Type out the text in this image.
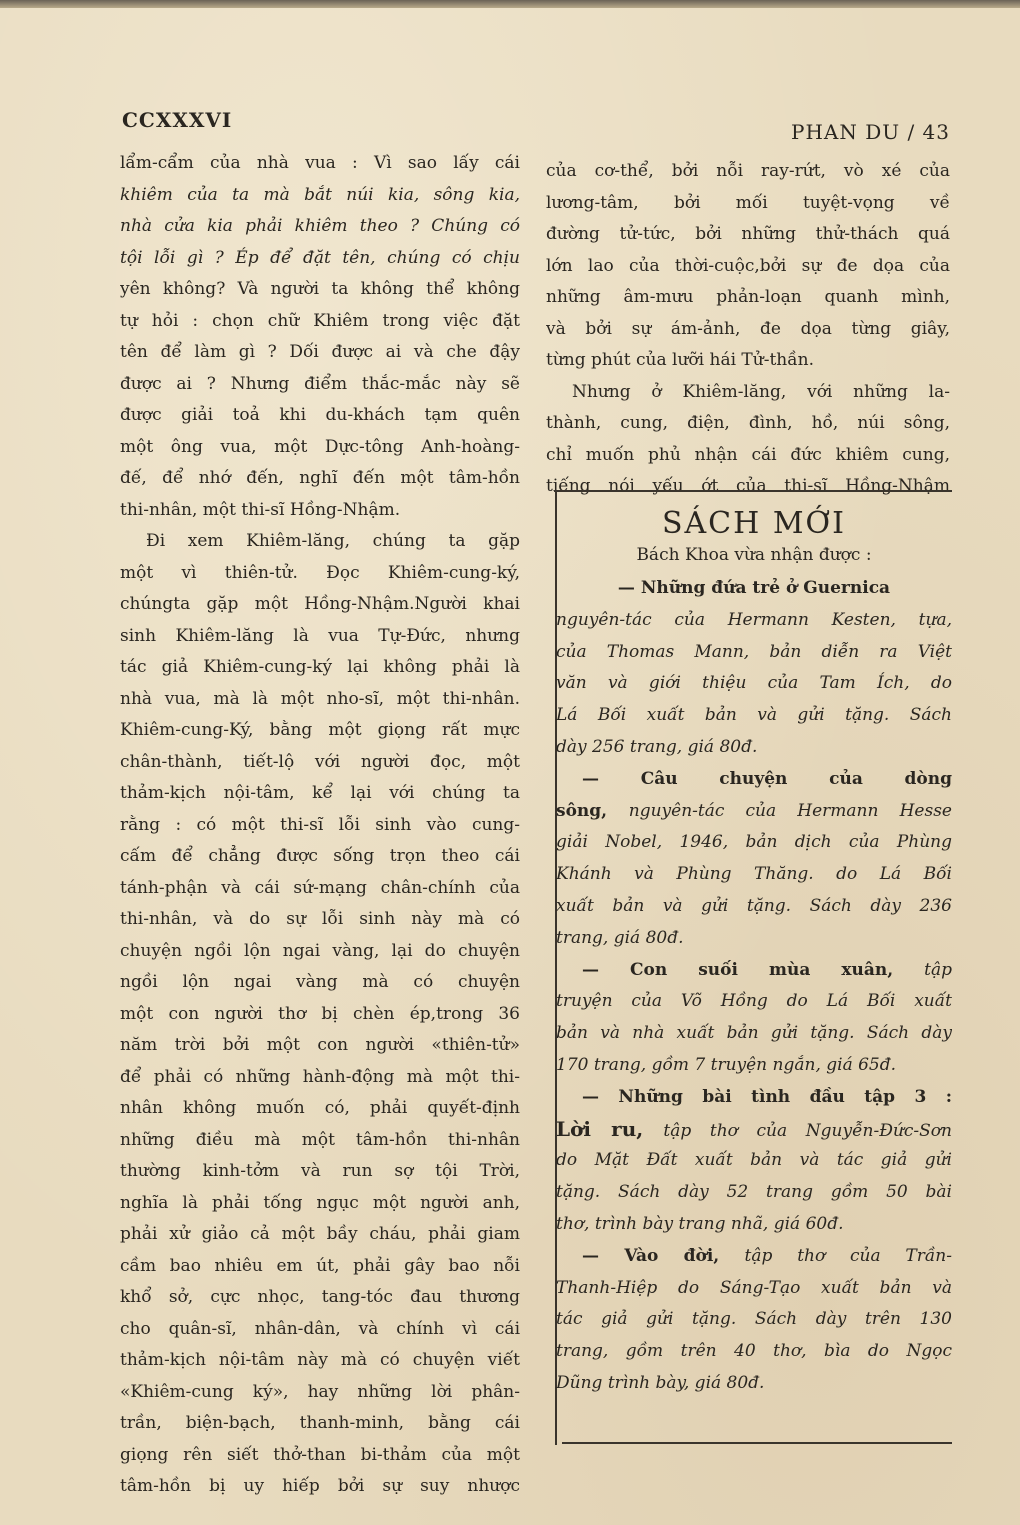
CCXXXVI	PHAN DU / 43
lẩm-cẩm của nhà vua : Vì sao lấy cái
khiêm của ta mà bắt núi kia, sông kia,
nhà cửa kia phải khiêm theo ? Chúng có
tội lỗi gì ? Ép để đặt tên, chúng có chịu
yên không? Và người ta không thể không
tự hỏi : chọn chữ Khiêm trong việc đặt
tên để làm gì ? Dối được ai và che đậy
được ai ? Nhưng điểm thắc-mắc này sẽ
được giải toả khi du-khách tạm quên
một ông vua, một Dực-tông Anh-hoàng-
đế, để nhớ đến, nghĩ đến một tâm-hồn
thi-nhân, một thi-sĩ Hồng-Nhậm.
Đi xem Khiêm-lăng, chúng ta gặp
một vì thiên-tử. Đọc Khiêm-cung-ký,
chúngta gặp một Hồng-Nhậm.Người khai
sinh Khiêm-lăng là vua Tự-Đức, nhưng
tác giả Khiêm-cung-ký lại không phải là
nhà vua, mà là một nho-sĩ, một thi-nhân.
Khiêm-cung-Ký, bằng một giọng rất mực
chân-thành, tiết-lộ với người đọc, một
thảm-kịch nội-tâm, kể lại với chúng ta
rằng : có một thi-sĩ lỗi sinh vào cung-
cấm để chẳng được sống trọn theo cái
tánh-phận và cái sứ-mạng chân-chính của
thi-nhân, và do sự lỗi sinh này mà có
chuyện ngồi lộn ngai vàng, lại do chuyện
ngồi lộn ngai vàng mà có chuyện
một con người thơ bị chèn ép,trong 36
năm trời bởi một con người «thiên-tử»
để phải có những hành-động mà một thi-
nhân không muốn có, phải quyết-định
những điều mà một tâm-hồn thi-nhân
thường kinh-tởm và run sợ tội Trời,
nghĩa là phải tống ngục một người anh,
phải xử giảo cả một bầy cháu, phải giam
cầm bao nhiêu em út, phải gây bao nỗi
khổ sở, cực nhọc, tang-tóc đau thương
cho quân-sĩ, nhân-dân, và chính vì cái
thảm-kịch nội-tâm này mà có chuyện viết
«Khiêm-cung ký», hay những lời phân-
trần, biện-bạch, thanh-minh, bằng cái
giọng rên siết thở-than bi-thảm của một
tâm-hồn bị uy hiếp bởi sự suy nhược
của cơ-thể, bởi nỗi ray-rứt, vò xé của
lương-tâm, bởi mối tuyệt-vọng về
đường tử-tức, bởi những thử-thách quá
lớn lao của thời-cuộc,bởi sự đe dọa của
những âm-mưu phản-loạn quanh mình,
và bởi sự ám-ảnh, đe dọa từng giây,
từng phút của lưỡi hái Tử-thần.
Nhưng ở Khiêm-lăng, với những la-
thành, cung, điện, đình, hồ, núi sông,
chỉ muốn phủ nhận cái đức khiêm cung,
tiếng nói yếu ớt của thi-sĩ Hồng-Nhậm
SÁCH MỚI
Bách Khoa vừa nhận được :
— Những đứa trẻ ở Guernica
nguyên-tác của Hermann Kesten, tựa,
của Thomas Mann, bản diễn ra Việt
văn và giới thiệu của Tam Ích, do
Lá Bối xuất bản và gửi tặng. Sách
dày 256 trang, giá 80đ.
— Câu chuyện của dòng
sông, nguyên-tác của Hermann Hesse
giải Nobel, 1946, bản dịch của Phùng
Khánh và Phùng Thăng. do Lá Bối
xuất bản và gửi tặng. Sách dày 236
trang, giá 80đ.
— Con suối mùa xuân, tập
truyện của Võ Hồng do Lá Bối xuất
bản và nhà xuất bản gửi tặng. Sách dày
170 trang, gồm 7 truyện ngắn, giá 65đ.
— Những bài tình đầu tập 3 :
Lời ru, tập thơ của Nguyễn-Đức-Sơn
do Mặt Đất xuất bản và tác giả gửi
tặng. Sách dày 52 trang gồm 50 bài
thơ, trình bày trang nhã, giá 60đ.
— Vào đời, tập thơ của Trần-
Thanh-Hiệp do Sáng-Tạo xuất bản và
tác giả gửi tặng. Sách dày trên 130
trang, gồm trên 40 thơ, bìa do Ngọc
Dũng trình bày, giá 80đ.
